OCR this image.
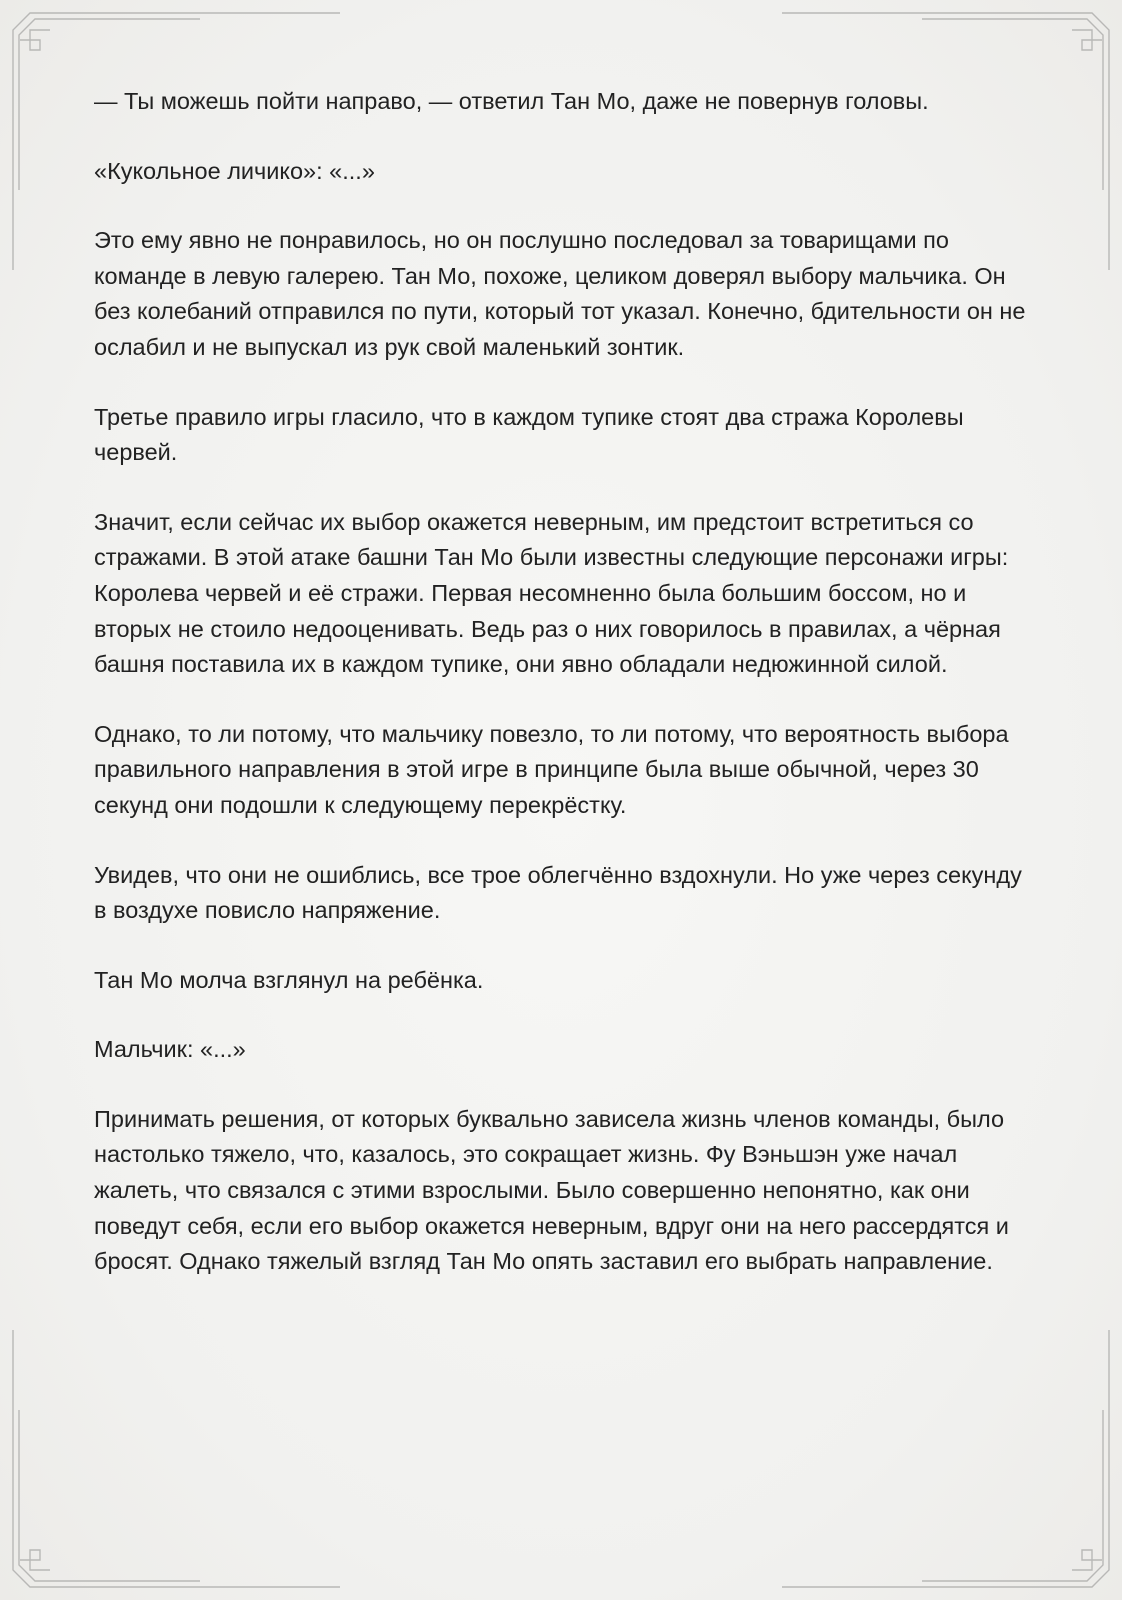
— Ты можешь пойти направо, — ответил Тан Мо, даже не повернув головы.

«Кукольное личико»: «...»

Это ему явно не понравилось, но он послушно последовал за товарищами по команде в левую галерею. Тан Мо, похоже, целиком доверял выбору мальчика. Он без колебаний отправился по пути, который тот указал. Конечно, бдительности он не ослабил и не выпускал из рук свой маленький зонтик.

Третье правило игры гласило, что в каждом тупике стоят два стража Королевы червей.

Значит, если сейчас их выбор окажется неверным, им предстоит встретиться со стражами. В этой атаке башни Тан Мо были известны следующие персонажи игры: Королева червей и её стражи. Первая несомненно была большим боссом, но и вторых не стоило недооценивать. Ведь раз о них говорилось в правилах, а чёрная башня поставила их в каждом тупике, они явно обладали недюжинной силой.

Однако, то ли потому, что мальчику повезло, то ли потому, что вероятность выбора правильного направления в этой игре в принципе была выше обычной, через 30 секунд они подошли к следующему перекрёстку.

Увидев, что они не ошиблись, все трое облегчённо вздохнули. Но уже через секунду в воздухе повисло напряжение.

Тан Мо молча взглянул на ребёнка.

Мальчик: «...»

Принимать решения, от которых буквально зависела жизнь членов команды, было настолько тяжело, что, казалось, это сокращает жизнь. Фу Вэньшэн уже начал жалеть, что связался с этими взрослыми. Было совершенно непонятно, как они поведут себя, если его выбор окажется неверным, вдруг они на него рассердятся и бросят. Однако тяжелый взгляд Тан Мо опять заставил его выбрать направление.
